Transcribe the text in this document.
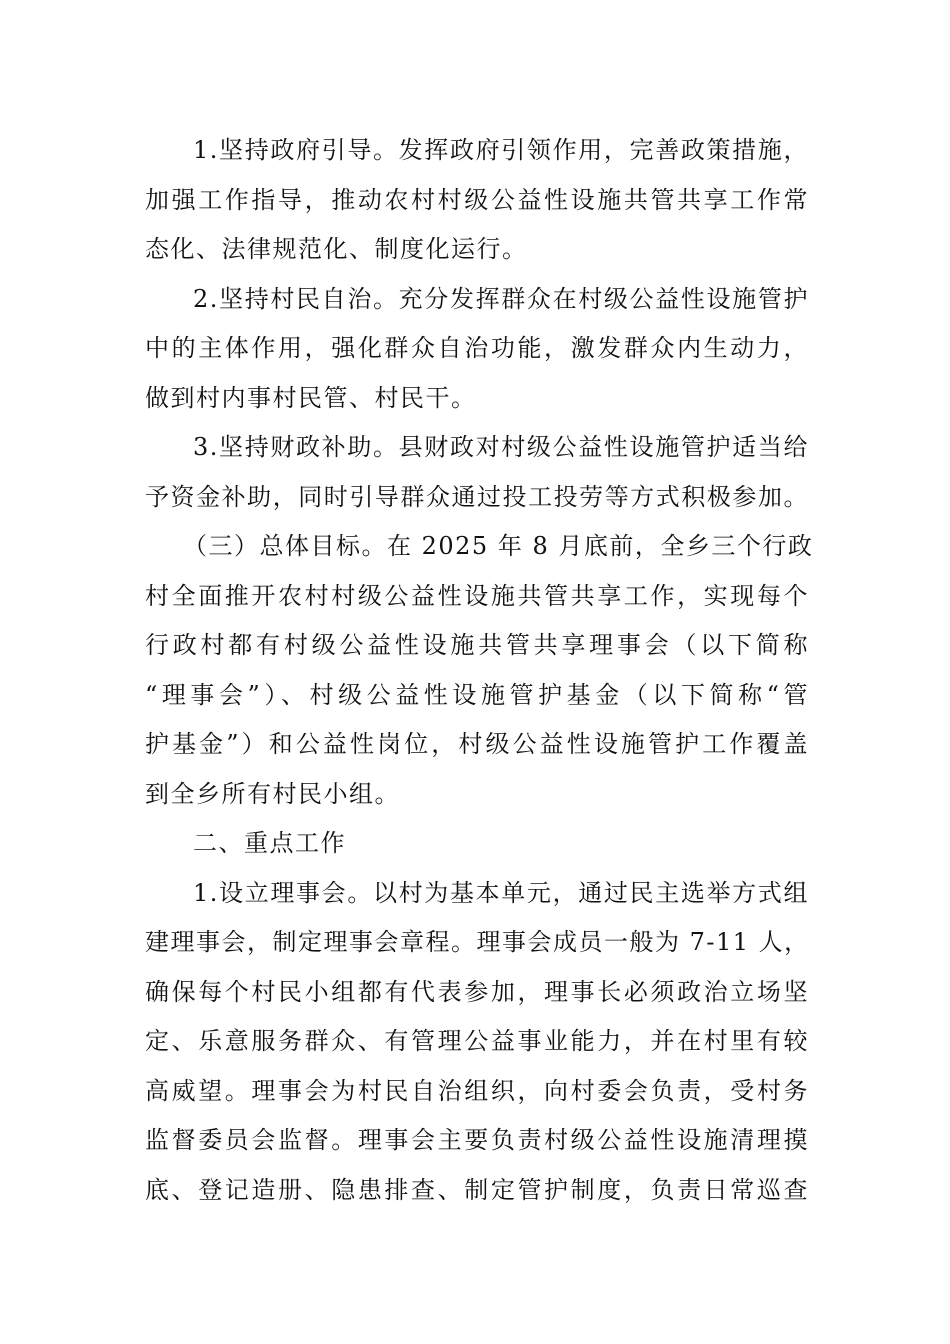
1.坚持政府引导。发挥政府引领作用，完善政策措施，
加强工作指导，推动农村村级公益性设施共管共享工作常
态化、法律规范化、制度化运行。
2.坚持村民自治。充分发挥群众在村级公益性设施管护
中的主体作用，强化群众自治功能，激发群众内生动力，
做到村内事村民管、村民干。
3.坚持财政补助。县财政对村级公益性设施管护适当给
予资金补助，同时引导群众通过投工投劳等方式积极参加。
（三）总体目标。在 2025 年 8 月底前，全乡三个行政
村全面推开农村村级公益性设施共管共享工作，实现每个
行政村都有村级公益性设施共管共享理事会（以下简称
“理事会”）、村级公益性设施管护基金（以下简称“管
护基金”）和公益性岗位，村级公益性设施管护工作覆盖
到全乡所有村民小组。
二、重点工作
1.设立理事会。以村为基本单元，通过民主选举方式组
建理事会，制定理事会章程。理事会成员一般为 7-11 人，
确保每个村民小组都有代表参加，理事长必须政治立场坚
定、乐意服务群众、有管理公益事业能力，并在村里有较
高威望。理事会为村民自治组织，向村委会负责，受村务
监督委员会监督。理事会主要负责村级公益性设施清理摸
底、登记造册、隐患排查、制定管护制度，负责日常巡查
